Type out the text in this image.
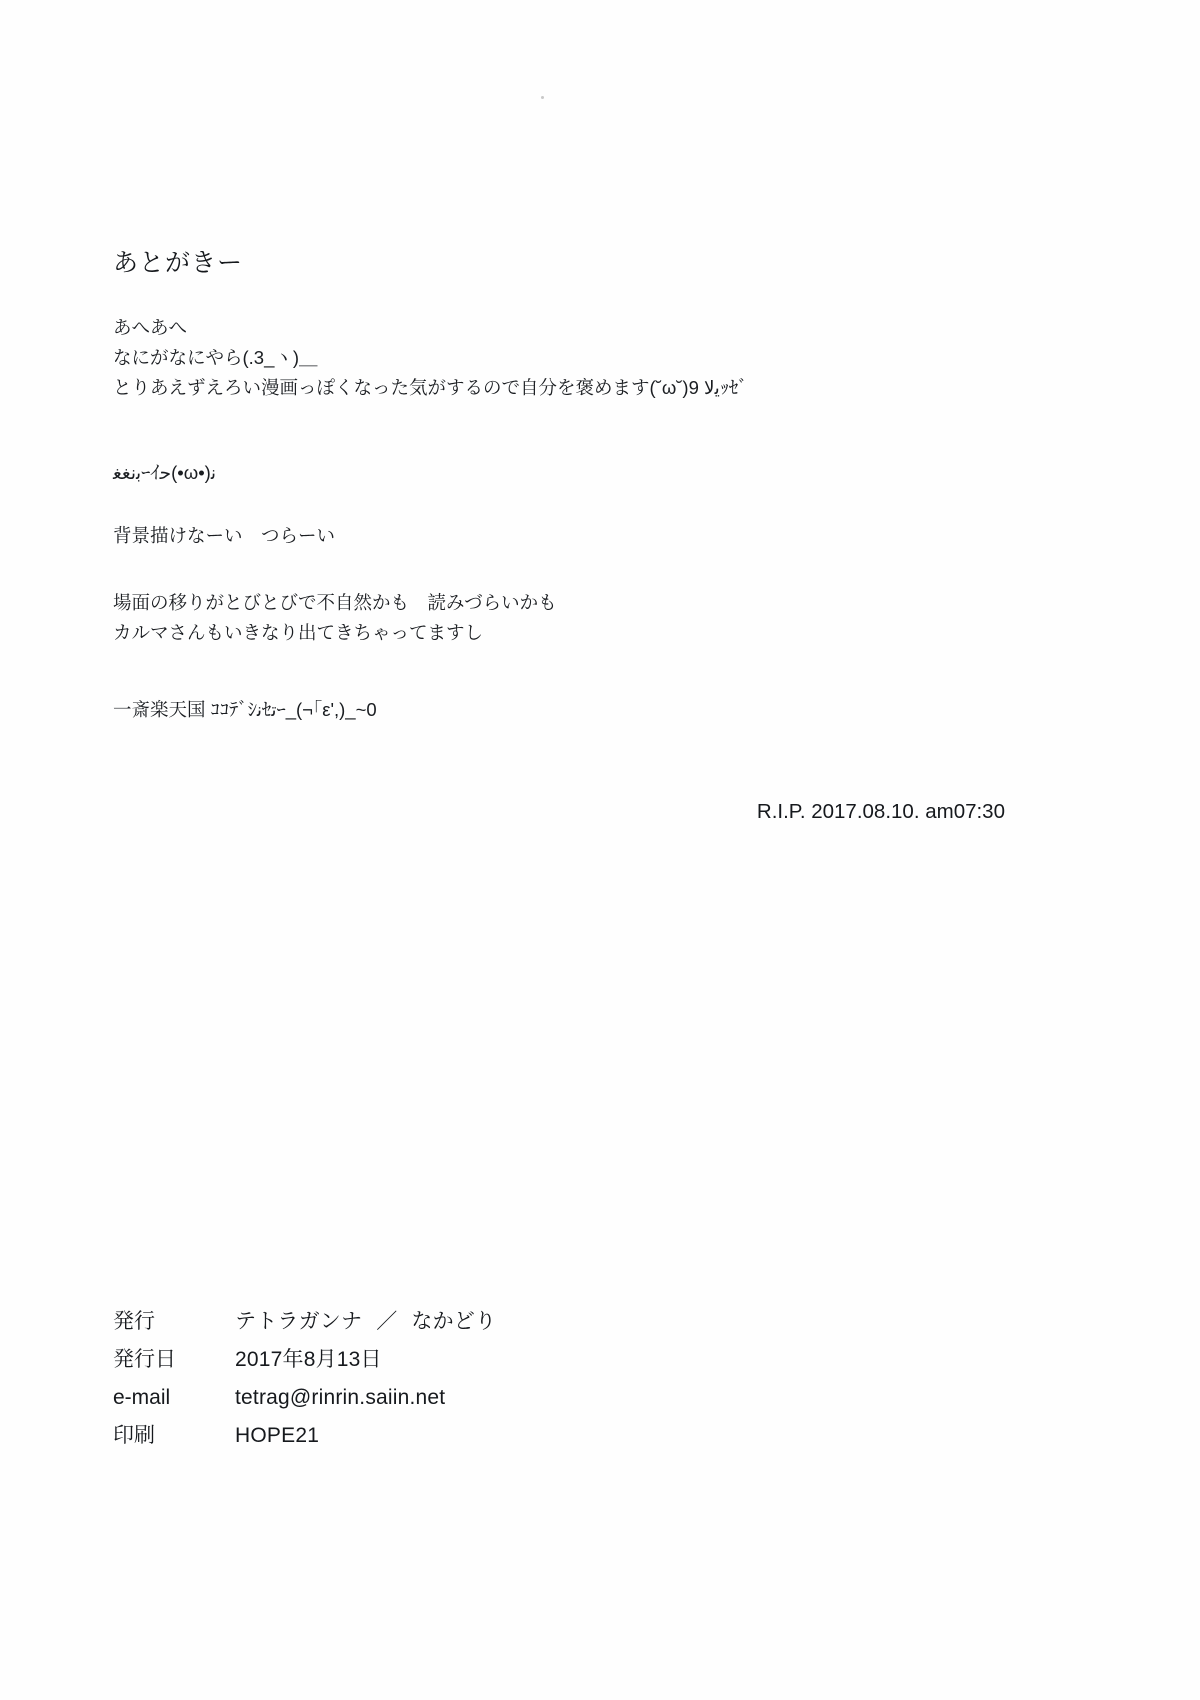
あとがきー
あへあへ
なにがなにやら(.3_ヽ)＿
とりあえずえろい漫画っぽくなった気がするので自分を褒めます(˘ω˘)9 ﻿ﻳﻻｯｾﾞ
ﺑﻧﻐﻐｰｲﺣ(•ω•)ﻧ
背景描けなーい　つらーい
場面の移りがとびとびで不自然かも　読みづらいかも
カルマさんもいきなり出てきちゃってますし
一斎楽天国 ｺｺﾃﾞｼﻧｾﺗｰ_(¬｢ε',)_~0
R.I.P. 2017.08.10. am07:30
発行	テトラガンナ ／ なかどり
発行日	2017年8月13日
e-mail	tetrag@rinrin.saiin.net
印刷	HOPE21
